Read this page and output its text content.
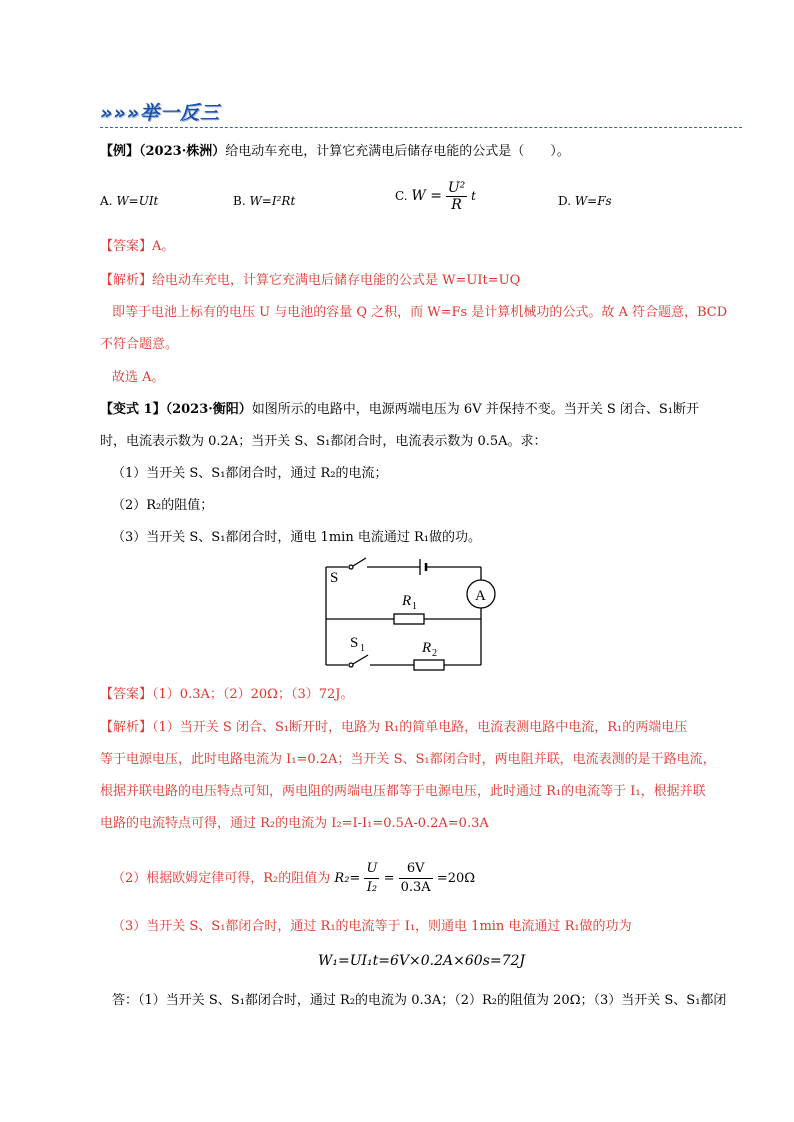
»»»举一反三
【例】（2023·株洲）给电动车充电，计算它充满电后储存电能的公式是（　　）。
A. W=UIt	B. W=I²Rt	C. $W = \frac{\text{U²}}{R}$ t	D. W=Fs
【答案】A。
【解析】给电动车充电，计算它充满电后储存电能的公式是 W=UIt=UQ
即等于电池上标有的电压 U 与电池的容量 Q 之积，而 W=Fs 是计算机械功的公式。故 A 符合题意，BCD
不符合题意。
故选 A。
【变式 1】（2023·衡阳）如图所示的电路中，电源两端电压为 6V 并保持不变。当开关 S 闭合、S₁断开
时，电流表示数为 0.2A；当开关 S、S₁都闭合时，电流表示数为 0.5A。求：
（1）当开关 S、S₁都闭合时，通过 R₂的电流；
（2）R₂的阻值；
（3）当开关 S、S₁都闭合时，通电 1min 电流通过 R₁做的功。
S
R 1
A
S 1	R 2
【答案】（1）0.3A；（2）20Ω；（3）72J。
【解析】（1）当开关 S 闭合、S₁断开时，电路为 R₁的简单电路，电流表测电路中电流，R₁的两端电压
等于电源电压，此时电路电流为 I₁=0.2A；当开关 S、S₁都闭合时，两电阻并联，电流表测的是干路电流，
根据并联电路的电压特点可知，两电阻的两端电压都等于电源电压，此时通过 R₁的电流等于 I₁，根据并联
电路的电流特点可得，通过 R₂的电流为 I₂=I-I₁=0.5A-0.2A=0.3A
（2）根据欧姆定律可得，R₂的阻值为 $R_2= \frac{U}{\text{I₂}} = \frac{6V}{0.3A} =20\Omega$
（3）当开关 S、S₁都闭合时，通过 R₁的电流等于 I₁，则通电 1min 电流通过 R₁做的功为
W₁=UI₁t=6V×0.2A×60s=72J
答：（1）当开关 S、S₁都闭合时，通过 R₂的电流为 0.3A；（2）R₂的阻值为 20Ω；（3）当开关 S、S₁都闭
